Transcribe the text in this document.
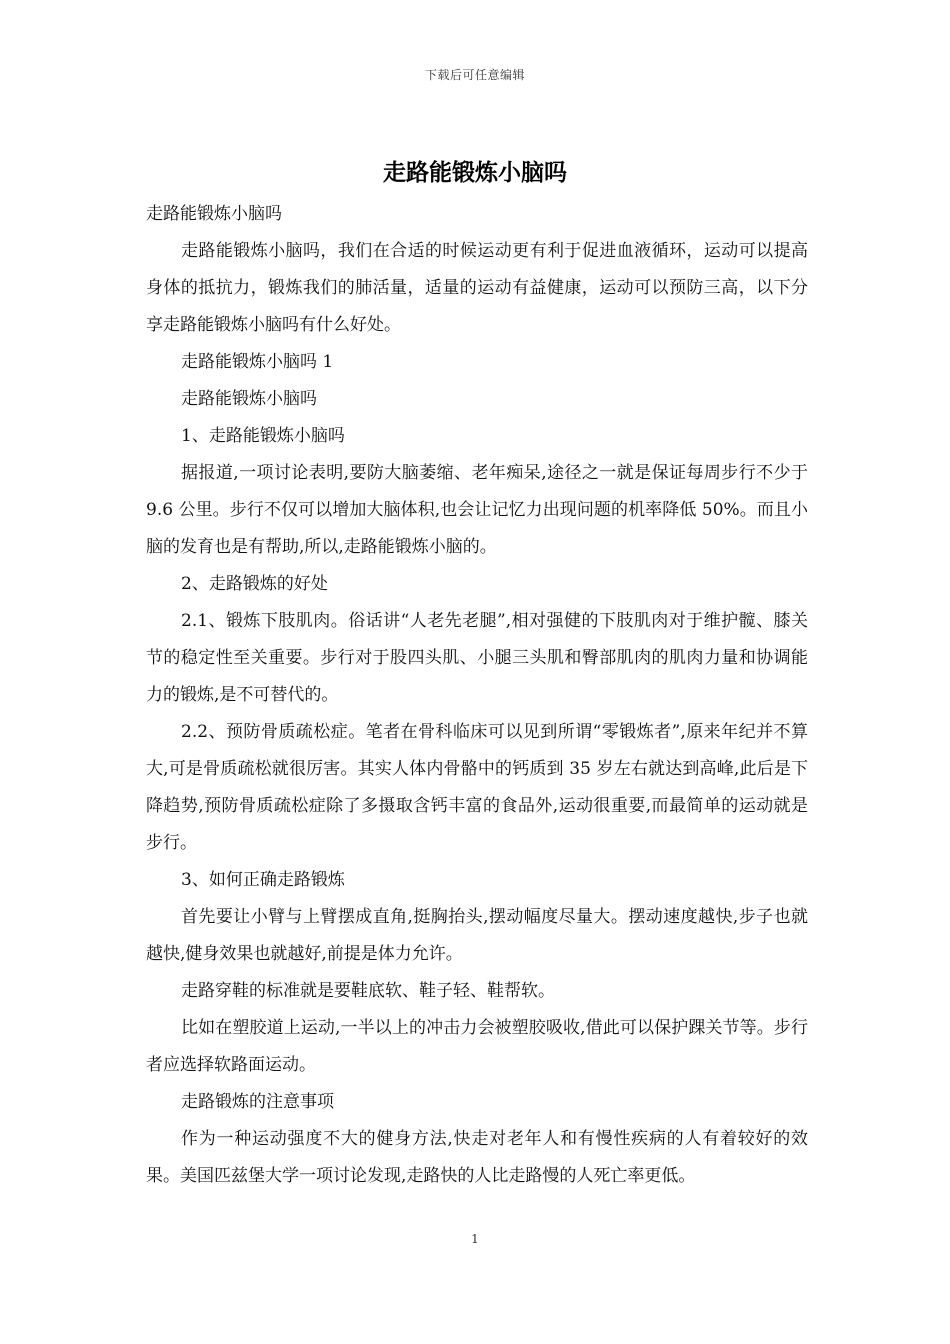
下载后可任意编辑
走路能锻炼小脑吗

走路能锻炼小脑吗

走路能锻炼小脑吗，我们在合适的时候运动更有利于促进血液循环，运动可以提高身体的抵抗力，锻炼我们的肺活量，适量的运动有益健康，运动可以预防三高，以下分享走路能锻炼小脑吗有什么好处。

走路能锻炼小脑吗 1

走路能锻炼小脑吗

1、走路能锻炼小脑吗

据报道,一项讨论表明,要防大脑萎缩、老年痴呆,途径之一就是保证每周步行不少于 9.6 公里。步行不仅可以增加大脑体积,也会让记忆力出现问题的机率降低 50%。而且小脑的发育也是有帮助,所以,走路能锻炼小脑的。

2、走路锻炼的好处

2.1、锻炼下肢肌肉。俗话讲“人老先老腿”,相对强健的下肢肌肉对于维护髋、膝关节的稳定性至关重要。步行对于股四头肌、小腿三头肌和臀部肌肉的肌肉力量和协调能力的锻炼,是不可替代的。

2.2、预防骨质疏松症。笔者在骨科临床可以见到所谓“零锻炼者”,原来年纪并不算大,可是骨质疏松就很厉害。其实人体内骨骼中的钙质到 35 岁左右就达到高峰,此后是下降趋势,预防骨质疏松症除了多摄取含钙丰富的食品外,运动很重要,而最简单的运动就是步行。

3、如何正确走路锻炼

首先要让小臂与上臂摆成直角,挺胸抬头,摆动幅度尽量大。摆动速度越快,步子也就越快,健身效果也就越好,前提是体力允许。

走路穿鞋的标准就是要鞋底软、鞋子轻、鞋帮软。

比如在塑胶道上运动,一半以上的冲击力会被塑胶吸收,借此可以保护踝关节等。步行者应选择软路面运动。

走路锻炼的注意事项

作为一种运动强度不大的健身方法,快走对老年人和有慢性疾病的人有着较好的效果。美国匹兹堡大学一项讨论发现,走路快的人比走路慢的人死亡率更低。

1
